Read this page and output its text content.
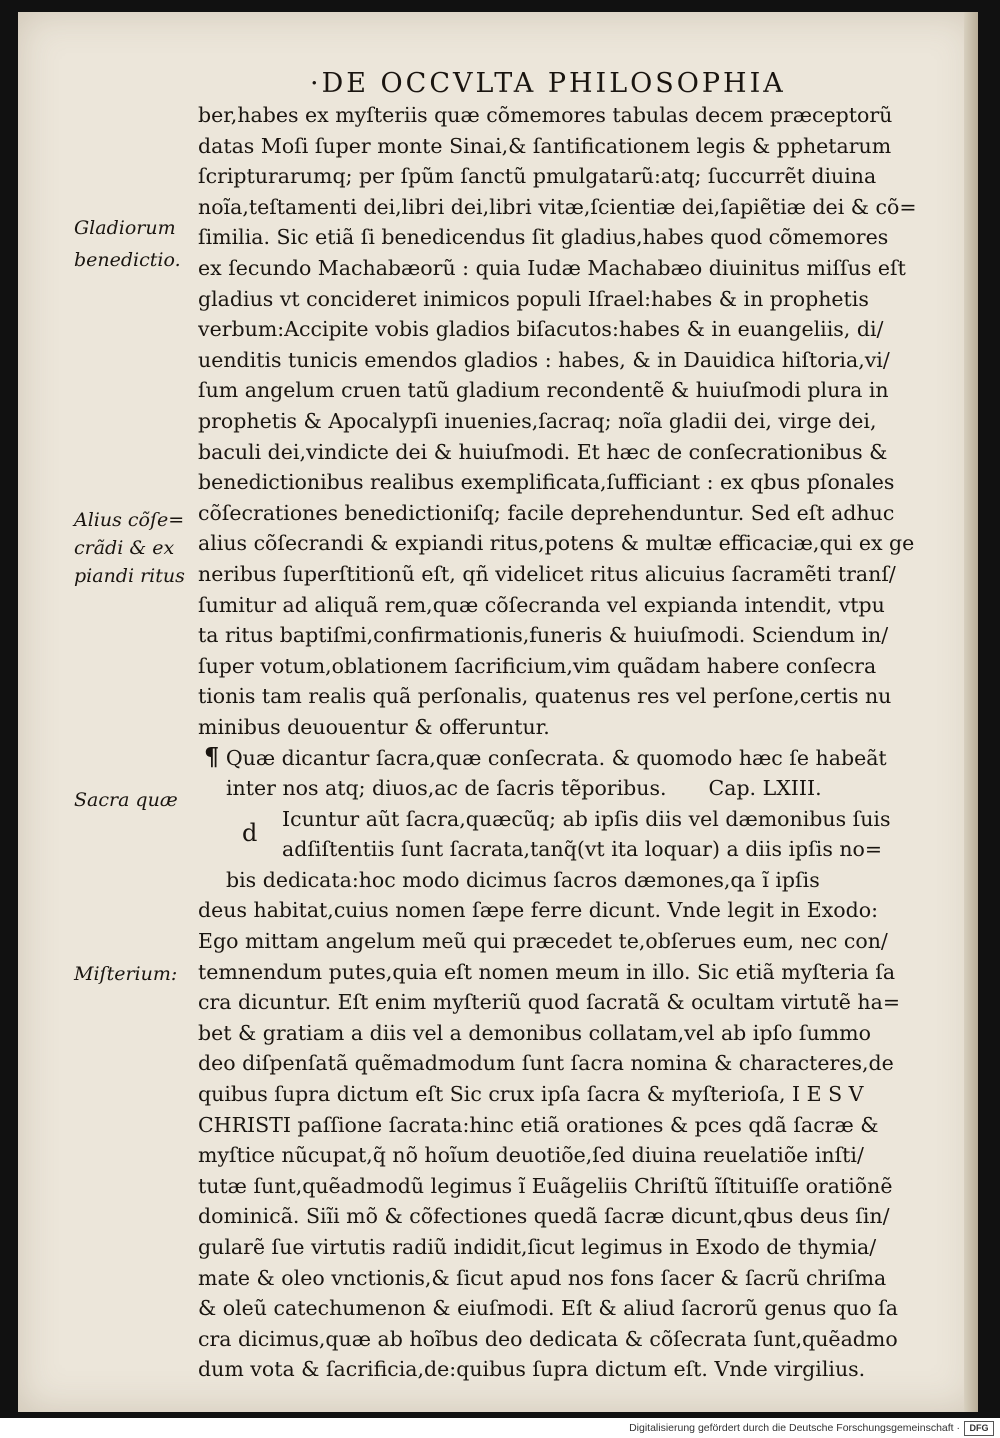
·DE OCCVLTA PHILOSOPHIA
Gladiorum
benedictio.
Alius cõſe=
crãdi & ex
piandi ritus
Sacra quæ
Miſterium:
d
ber,habes ex myſteriis quæ cõmemores tabulas decem præceptorũ
datas Moſi ſuper monte Sinai,& ſantificationem legis & pphetarum
ſcripturarumq; per ſpũm ſanctũ pmulgatarũ:atq; ſuccurrẽt diuina
noĩa,teſtamenti dei,libri dei,libri vitæ,ſcientiæ dei,ſapiẽtiæ dei & cõ=
ſimilia. Sic etiã ſi benedicendus ſit gladius,habes quod cõmemores
ex ſecundo Machabæorũ : quia Iudæ Machabæo diuinitus miſſus eſt
gladius vt concideret inimicos populi Iſrael:habes & in prophetis
verbum:Accipite vobis gladios biſacutos:habes & in euangeliis, di/
uenditis tunicis emendos gladios : habes, & in Dauidica hiſtoria,vi/
ſum angelum cruen tatũ gladium recondentẽ & huiuſmodi plura in
prophetis & Apocalypſi inuenies,ſacraq; noĩa gladii dei, virge dei,
baculi dei,vindicte dei & huiuſmodi. Et hæc de conſecrationibus &
benedictionibus realibus exemplificata,ſufficiant : ex qbus pſonales
cõſecrationes benedictioniſq; facile deprehenduntur. Sed eſt adhuc
alius cõſecrandi & expiandi ritus,potens & multæ efficaciæ,qui ex ge
neribus ſuperſtitionũ eſt, qñ videlicet ritus alicuius ſacramẽti tranſ/
ſumitur ad aliquã rem,quæ cõſecranda vel expianda intendit, vtpu
ta ritus baptiſmi,confirmationis,funeris & huiuſmodi. Sciendum in/
ſuper votum,oblationem ſacrificium,vim quãdam habere conſecra
tionis tam realis quã perſonalis, quatenus res vel perſone,certis nu
minibus deuouentur & offeruntur.
¶ Quæ dicantur ſacra,quæ conſecrata. & quomodo hæc ſe habeãt
inter nos atq; diuos,ac de ſacris tẽporibus. Cap. LXIII.
Icuntur aũt ſacra,quæcũq; ab ipſis diis vel dæmonibus ſuis
adſiſtentiis ſunt ſacrata,tanq̃(vt ita loquar) a diis ipſis no=
bis dedicata:hoc modo dicimus ſacros dæmones,qa ĩ ipſis
deus habitat,cuius nomen ſæpe ferre dicunt. Vnde legit in Exodo:
Ego mittam angelum meũ qui præcedet te,obſerues eum, nec con/
temnendum putes,quia eſt nomen meum in illo. Sic etiã myſteria ſa
cra dicuntur. Eſt enim myſteriũ quod ſacratã & ocultam virtutẽ ha=
bet & gratiam a diis vel a demonibus collatam,vel ab ipſo ſummo
deo diſpenſatã quẽmadmodum ſunt ſacra nomina & characteres,de
quibus ſupra dictum eſt Sic crux ipſa ſacra & myſterioſa, I E S V
CHRISTI paſſione ſacrata:hinc etiã orationes & pces qdã ſacræ &
myſtice nũcupat,q̃ nõ hoĩum deuotiõe,ſed diuina reuelatiõe inſti/
tutæ ſunt,quẽadmodũ legimus ĩ Euãgeliis Chriſtũ ĩſtituiſſe oratiõnẽ
dominicã. Siĩi mõ & cõfectiones quedã ſacræ dicunt,qbus deus ſin/
gularẽ ſue virtutis radiũ indidit,ſicut legimus in Exodo de thymia/
mate & oleo vnctionis,& ſicut apud nos fons ſacer & ſacrũ chriſma
& oleũ catechumenon & eiuſmodi. Eſt & aliud ſacrorũ genus quo ſa
cra dicimus,quæ ab hoĩbus deo dedicata & cõſecrata ſunt,quẽadmo
dum vota & ſacrificia,de:quibus ſupra dictum eſt. Vnde virgilius.
Digitalisierung gefördert durch die Deutsche Forschungsgemeinschaft ·	DFG
